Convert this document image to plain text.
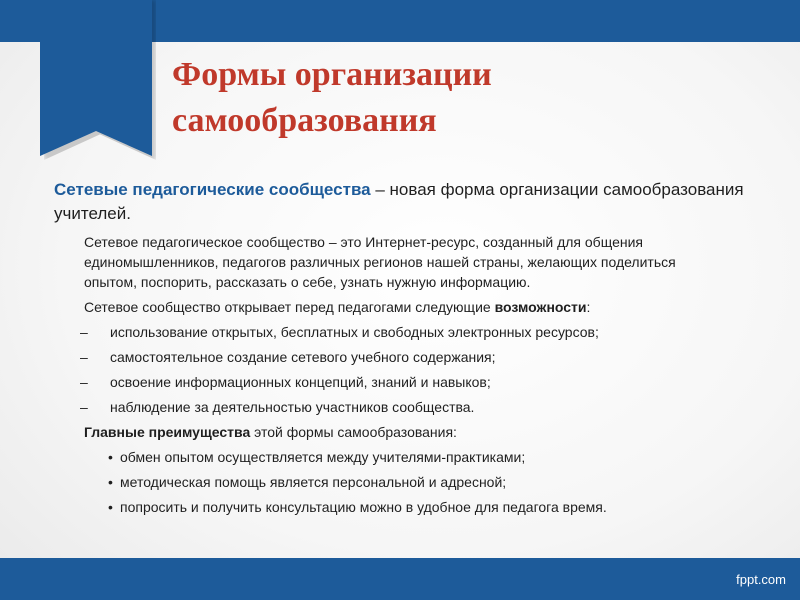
Формы организации
самообразования

Сетевые педагогические сообщества – новая форма организации самообразования учителей.

Сетевое педагогическое сообщество – это Интернет-ресурс, созданный для общения единомышленников, педагогов различных регионов нашей страны, желающих поделиться опытом, поспорить, рассказать о себе, узнать нужную информацию.

Сетевое сообщество открывает перед педагогами следующие возможности:

– использование открытых, бесплатных и свободных электронных ресурсов;
– самостоятельное создание сетевого учебного содержания;
– освоение информационных концепций, знаний и навыков;
– наблюдение за деятельностью участников сообщества.

Главные преимущества этой формы самообразования:

• обмен опытом осуществляется между учителями-практиками;
• методическая помощь является персональной и адресной;
• попросить и получить консультацию можно в удобное для педагога время.
fppt.com
